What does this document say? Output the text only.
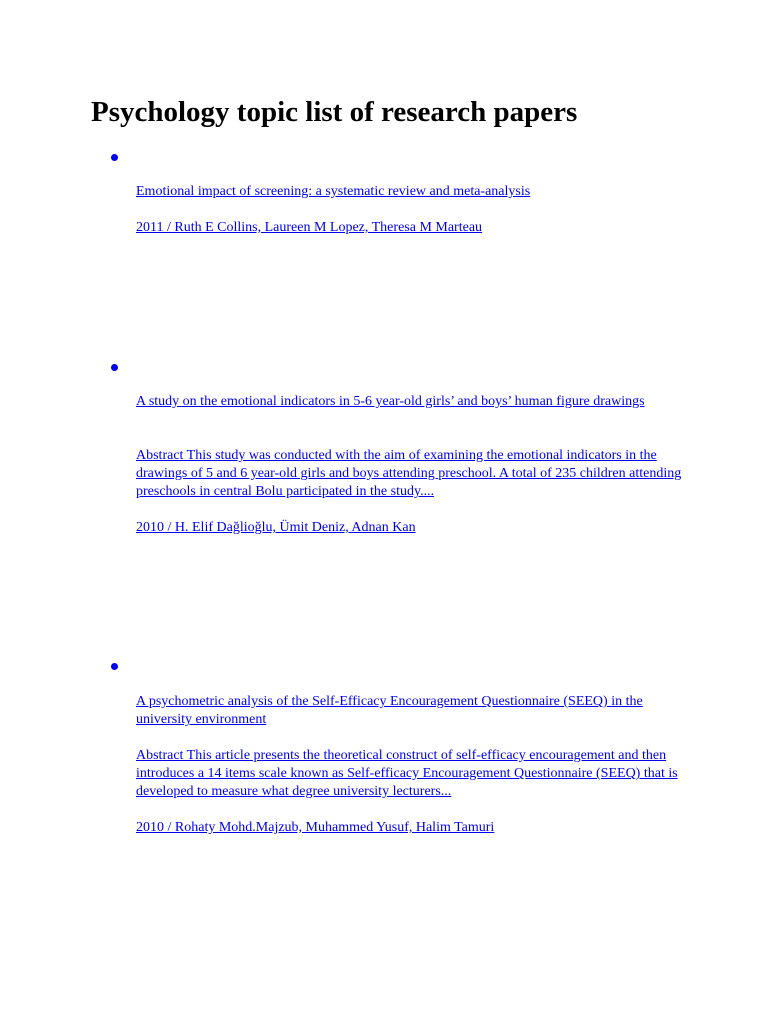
Psychology topic list of research papers
Emotional impact of screening: a systematic review and meta-analysis
2011 / Ruth E Collins, Laureen M Lopez, Theresa M Marteau
A study on the emotional indicators in 5-6 year-old girls’ and boys’ human figure drawings
Abstract This study was conducted with the aim of examining the emotional indicators in the drawings of 5 and 6 year-old girls and boys attending preschool. A total of 235 children attending preschools in central Bolu participated in the study....
2010 / H. Elif Dağlioğlu, Ümit Deniz, Adnan Kan
A psychometric analysis of the Self-Efficacy Encouragement Questionnaire (SEEQ) in the university environment
Abstract This article presents the theoretical construct of self-efficacy encouragement and then introduces a 14 items scale known as Self-efficacy Encouragement Questionnaire (SEEQ) that is developed to measure what degree university lecturers...
2010 / Rohaty Mohd.Majzub, Muhammed Yusuf, Halim Tamuri
